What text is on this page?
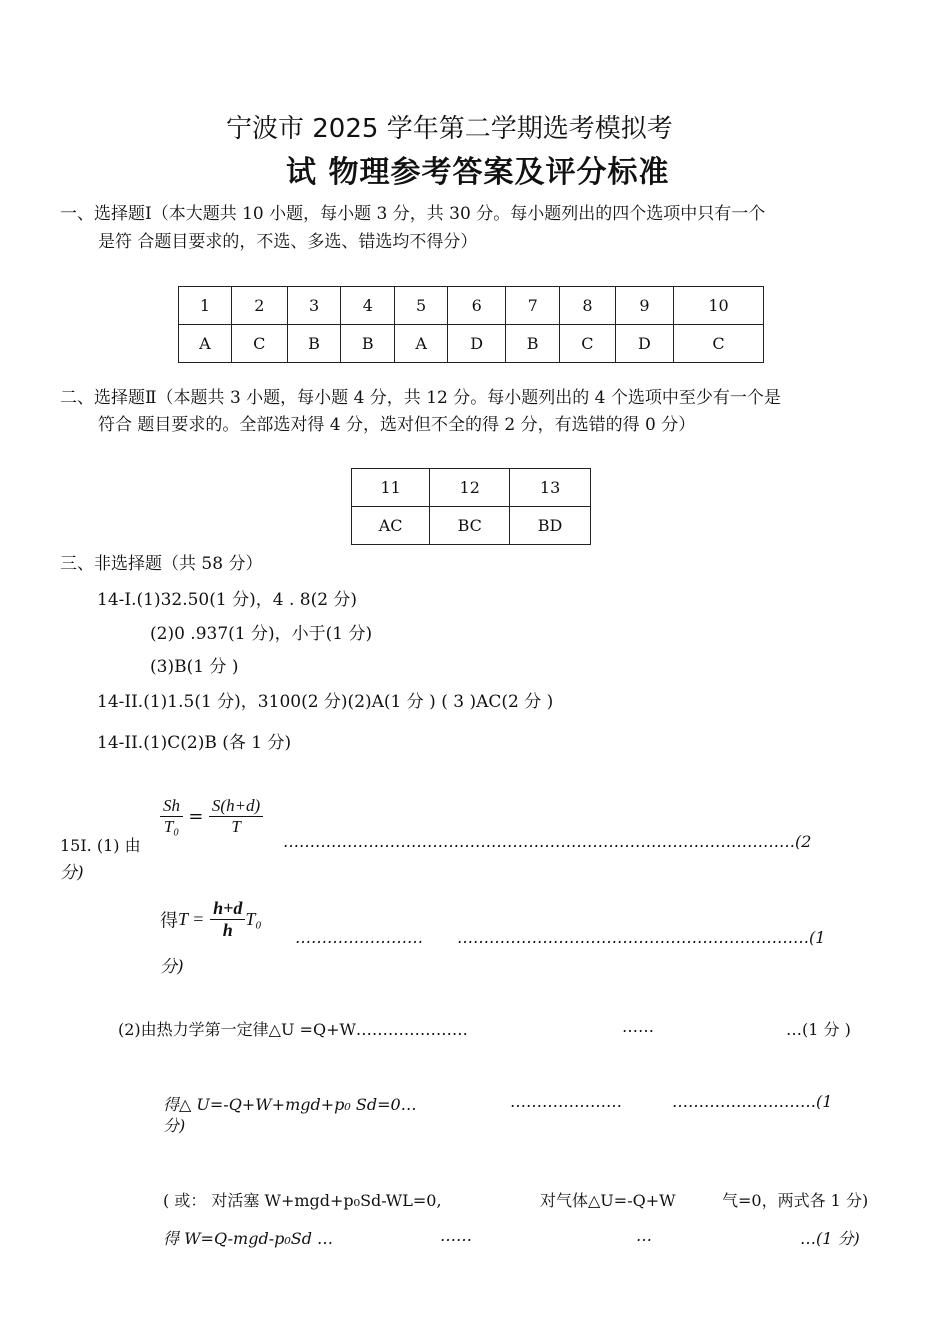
宁波市 2025 学年第二学期选考模拟考
试 物理参考答案及评分标准
一、选择题Ⅰ（本大题共 10 小题，每小题 3 分，共 30 分。每小题列出的四个选项中只有一个
是符 合题目要求的，不选、多选、错选均不得分）
1	2	3	4	5	6	7	8	9	10
A	C	B	B	A	D	B	C	D	C
二、选择题Ⅱ（本题共 3 小题，每小题 4 分，共 12 分。每小题列出的 4 个选项中至少有一个是
符合 题目要求的。全部选对得 4 分，选对但不全的得 2 分，有选错的得 0 分）
11	12	13
AC	BC	BD
三、非选择题（共 58 分）
14-I.(1)32.50(1 分)，4 . 8(2 分)
(2)0 .937(1 分)，小于(1 分)
(3)B(1 分 )
14-II.(1)1.5(1 分)，3100(2 分)(2)A(1 分 ) ( 3 )AC(2 分 )
14-II.(1)C(2)B (各 1 分)
15I. (1) 由
$\frac{Sh}{\text{T₀}} = \frac{S(h+d)}{T}$
……………………………………………………………………………………(2
分)
得$T = \frac{h+d}{h} T_0$
…………………… …………………………………………………………(1
分)
(2)由热力学第一定律△U =Q+W…………………	……	…(1 分 )
得△ U=-Q+W+mgd+p₀ Sd=0…	…………………	………………………(1
分)
( 或： 对活塞 W+mgd+p₀Sd-WL=0,	对气体△U=-Q+W	气=0，两式各 1 分)
得 W=Q-mgd-p₀Sd …	……	…	…(1 分)
